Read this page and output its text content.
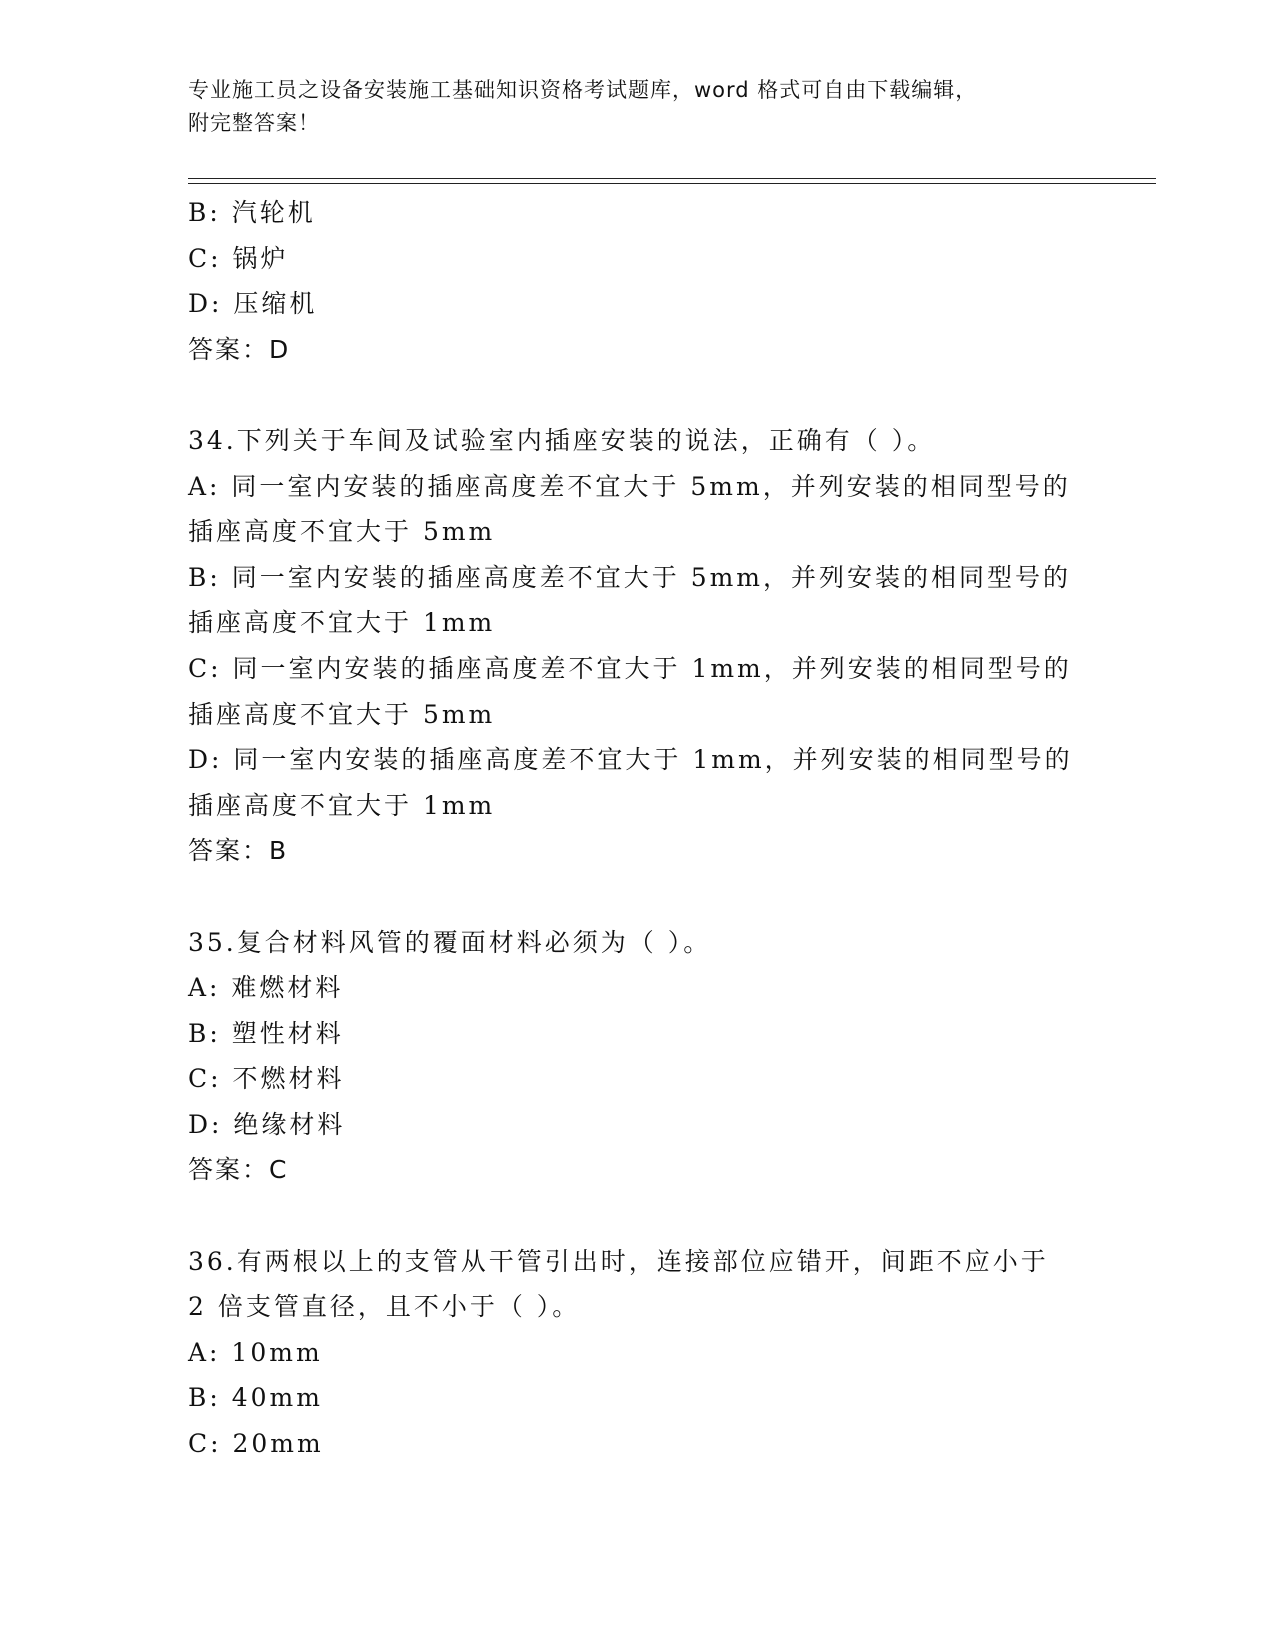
专业施工员之设备安装施工基础知识资格考试题库，word 格式可自由下载编辑，
附完整答案！
B: 汽轮机
C: 锅炉
D: 压缩机
答案：D
34.下列关于车间及试验室内插座安装的说法，正确有（ ）。
A: 同一室内安装的插座高度差不宜大于 5mm，并列安装的相同型号的
插座高度不宜大于 5mm
B: 同一室内安装的插座高度差不宜大于 5mm，并列安装的相同型号的
插座高度不宜大于 1mm
C: 同一室内安装的插座高度差不宜大于 1mm，并列安装的相同型号的
插座高度不宜大于 5mm
D: 同一室内安装的插座高度差不宜大于 1mm，并列安装的相同型号的
插座高度不宜大于 1mm
答案：B
35.复合材料风管的覆面材料必须为（ ）。
A: 难燃材料
B: 塑性材料
C: 不燃材料
D: 绝缘材料
答案：C
36.有两根以上的支管从干管引出时，连接部位应错开，间距不应小于
2 倍支管直径，且不小于（ ）。
A: 10mm
B: 40mm
C: 20mm
